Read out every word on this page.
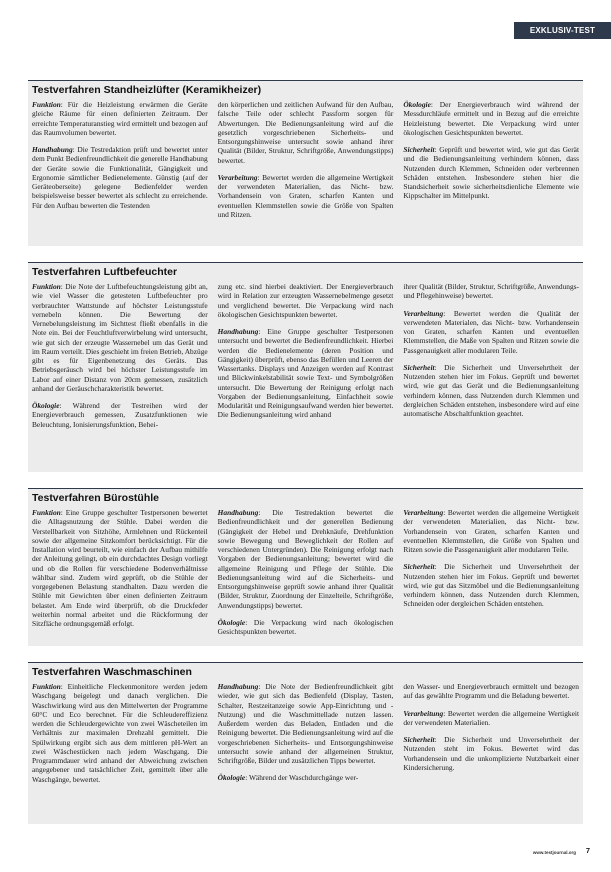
EXKLUSIV-TEST
Testverfahren Standheizlüfter (Keramikheizer)

Funktion: Für die Heizleistung erwärmen die Geräte gleiche Räume für einen definierten Zeitraum. Der erreichte Temperaturanstieg wird ermittelt und bezogen auf das Raumvolumen bewertet.

Handhabung: Die Testredaktion prüft und bewertet unter dem Punkt Bedienfreundlichkeit die generelle Handhabung der Geräte sowie die Funktionalität, Gängigkeit und Ergonomie sämtlicher Bedienelemente. Günstig (auf der Geräteoberseite) gelegene Bedienfelder werden beispielsweise besser bewertet als schlecht zu erreichende. Für den Aufbau bewerten die Testenden

den körperlichen und zeitlichen Aufwand für den Aufbau, falsche Teile oder schlecht Passform sorgen für Abwertungen. Die Bedienungsanleitung wird auf die gesetzlich vorgeschriebenen Sicherheits- und Entsorgungshinweise untersucht sowie anhand ihrer Qualität (Bilder, Struktur, Schriftgröße, Anwendungstipps) bewertet.

Verarbeitung: Bewertet werden die allgemeine Wertigkeit der verwendeten Materialien, das Nicht- bzw. Vorhandensein von Graten, scharfen Kanten und eventuellen Klemmstellen sowie die Größe von Spalten und Ritzen.

Ökologie: Der Energieverbrauch wird während der Messdurchläufe ermittelt und in Bezug auf die erreichte Heizleistung bewertet. Die Verpackung wird unter ökologischen Gesichtspunkten bewertet.

Sicherheit: Geprüft und bewertet wird, wie gut das Gerät und die Bedienungsanleitung verhindern können, dass Nutzenden durch Klemmen, Schneiden oder verbrennen Schäden entstehen. Insbesondere stehen hier die Standsicherheit sowie sicherheitsdienliche Elemente wie Kippschalter im Mittelpunkt.

Testverfahren Luftbefeuchter

Funktion: Die Note der Luftbefeuchtungsleistung gibt an, wie viel Wasser die getesteten Luftbefeuchter pro verbrauchter Wattstunde auf höchster Leistungsstufe vernebeln können. Die Bewertung der Vernebelungsleistung im Sichttest fließt ebenfalls in die Note ein. Bei der Feuchtluftverwirbelung wird untersucht, wie gut sich der erzeugte Wassernebel um das Gerät und im Raum verteilt. Dies geschieht im freien Betrieb, Abzüge gibt es für Eigenbenetzung des Geräts. Das Betriebsgeräusch wird bei höchster Leistungsstufe im Labor auf einer Distanz von 20cm gemessen, zusätzlich anhand der Geräuschcharakteristik bewertet.

Ökologie: Während der Testreihen wird der Energieverbrauch gemessen, Zusatzfunktionen wie Beleuchtung, Ionisierungsfunktion, Behei-

zung etc. sind hierbei deaktiviert. Der Energieverbrauch wird in Relation zur erzeugten Wassernebelmenge gesetzt und verglichend bewertet. Die Verpackung wird nach ökologischen Gesichtspunkten bewertet.

Handhabung: Eine Gruppe geschulter Testpersonen untersucht und bewertet die Bedienfreundlichkeit. Hierbei werden die Bedienelemente (deren Position und Gängigkeit) überprüft, ebenso das Befüllen und Leeren der Wassertanks. Displays und Anzeigen werden auf Kontrast und Blickwinkelstabilität sowie Text- und Symbolgrößen untersucht. Die Bewertung der Reinigung erfolgt nach Vorgaben der Bedienungsanleitung, Einfachheit sowie Modularität und Reinigungsaufwand werden hier bewertet. Die Bedienungsanleitung wird anhand

ihrer Qualität (Bilder, Struktur, Schriftgröße, Anwendungs- und Pflegehinweise) bewertet.

Verarbeitung: Bewertet werden die Qualität der verwendeten Materialen, das Nicht- bzw. Vorhandensein von Graten, scharfen Kanten und eventuellen Klemmstellen, die Maße von Spalten und Ritzen sowie die Passgenauigkeit aller modularen Teile.

Sicherheit: Die Sicherheit und Unversehrtheit der Nutzenden stehen hier im Fokus. Geprüft und bewertet wird, wie gut das Gerät und die Bedienungsanleitung verhindern können, dass Nutzenden durch Klemmen und dergleichen Schäden entstehen, insbesondere wird auf eine automatische Abschaltfunktion geachtet.

Testverfahren Bürostühle

Funktion: Eine Gruppe geschulter Testpersonen bewertet die Alltagsnutzung der Stühle. Dabei werden die Verstellbarkeit von Sitzhöhe, Armlehnen und Rückenteil sowie der allgemeine Sitzkomfort berücksichtigt. Für die Installation wird beurteilt, wie einfach der Aufbau mithilfe der Anleitung gelingt, ob ein durchdachtes Design vorliegt und ob die Rollen für verschiedene Bodenverhältnisse wählbar sind. Zudem wird geprüft, ob die Stühle der vorgegebenen Belastung standhalten. Dazu werden die Stühle mit Gewichten über einen definierten Zeitraum belastet. Am Ende wird überprüft, ob die Druckfeder weiterhin normal arbeitet und die Rückformung der Sitzfläche ordnungsgemäß erfolgt.

Handhabung: Die Testredaktion bewertet die Bedienfreundlichkeit und der generellen Bedienung (Gängigkeit der Hebel und Drehknäufe, Drehfunktion sowie Bewegung und Beweglichkeit der Rollen auf verschiedenen Untergründen). Die Reinigung erfolgt nach Vorgaben der Bedienungsanleitung; bewertet wird die allgemeine Reinigung und Pflege der Stühle. Die Bedienungsanleitung wird auf die Sicherheits- und Entsorgungshinweise geprüft sowie anhand ihrer Qualität (Bilder, Struktur, Zuordnung der Einzelteile, Schriftgröße, Anwendungstipps) bewertet.

Ökologie: Die Verpackung wird nach ökologischen Gesichtspunkten bewertet.

Verarbeitung: Bewertet werden die allgemeine Wertigkeit der verwendeten Materialien, das Nicht- bzw. Vorhandensein von Graten, scharfen Kanten und eventuellen Klemmstellen, die Größe von Spalten und Ritzen sowie die Passgenauigkeit aller modularen Teile.

Sicherheit: Die Sicherheit und Unversehrtheit der Nutzenden stehen hier im Fokus. Geprüft und bewertet wird, wie gut das Sitzmöbel und die Bedienungsanleitung verhindern können, dass Nutzenden durch Klemmen, Schneiden oder dergleichen Schäden entstehen.

Testverfahren Waschmaschinen

Funktion: Einheitliche Fleckenmonitore werden jedem Waschgang beigelegt und danach verglichen. Die Waschwirkung wird aus den Mittelwerten der Programme 60°C und Eco berechnet. Für die Schleudereffizienz werden die Schleudergewichte von zwei Wäscheteilen im Verhältnis zur maximalen Drehzahl gemittelt. Die Spülwirkung ergibt sich aus dem mittleren pH-Wert an zwei Wäschestücken nach jedem Waschgang. Die Programmdauer wird anhand der Abweichung zwischen angegebener und tatsächlicher Zeit, gemittelt über alle Waschgänge, bewertet.

Handhabung: Die Note der Bedienfreundlichkeit gibt wieder, wie gut sich das Bedienfeld (Display, Tasten, Schalter, Restzeitanzeige sowie App-Einrichtung und -Nutzung) und die Waschmittellade nutzen lassen. Außerdem werden das Beladen, Entladen und die Reinigung bewertet. Die Bedienungsanleitung wird auf die vorgeschriebenen Sicherheits- und Entsorgungshinweise untersucht sowie anhand der allgemeinen Struktur, Schriftgröße, Bilder und zusätzlichen Tipps bewertet.

Ökologie: Während der Waschdurchgänge wer-

den Wasser- und Energieverbrauch ermittelt und bezogen auf das gewählte Programm und die Beladung bewertet.

Verarbeitung: Bewertet werden die allgemeine Wertigkeit der verwendeten Materialien.

Sicherheit: Die Sicherheit und Unversehrtheit der Nutzenden steht im Fokus. Bewertet wird das Vorhandensein und die unkomplizierte Nutzbarkeit einer Kindersicherung.

www.testjournal.org	7
